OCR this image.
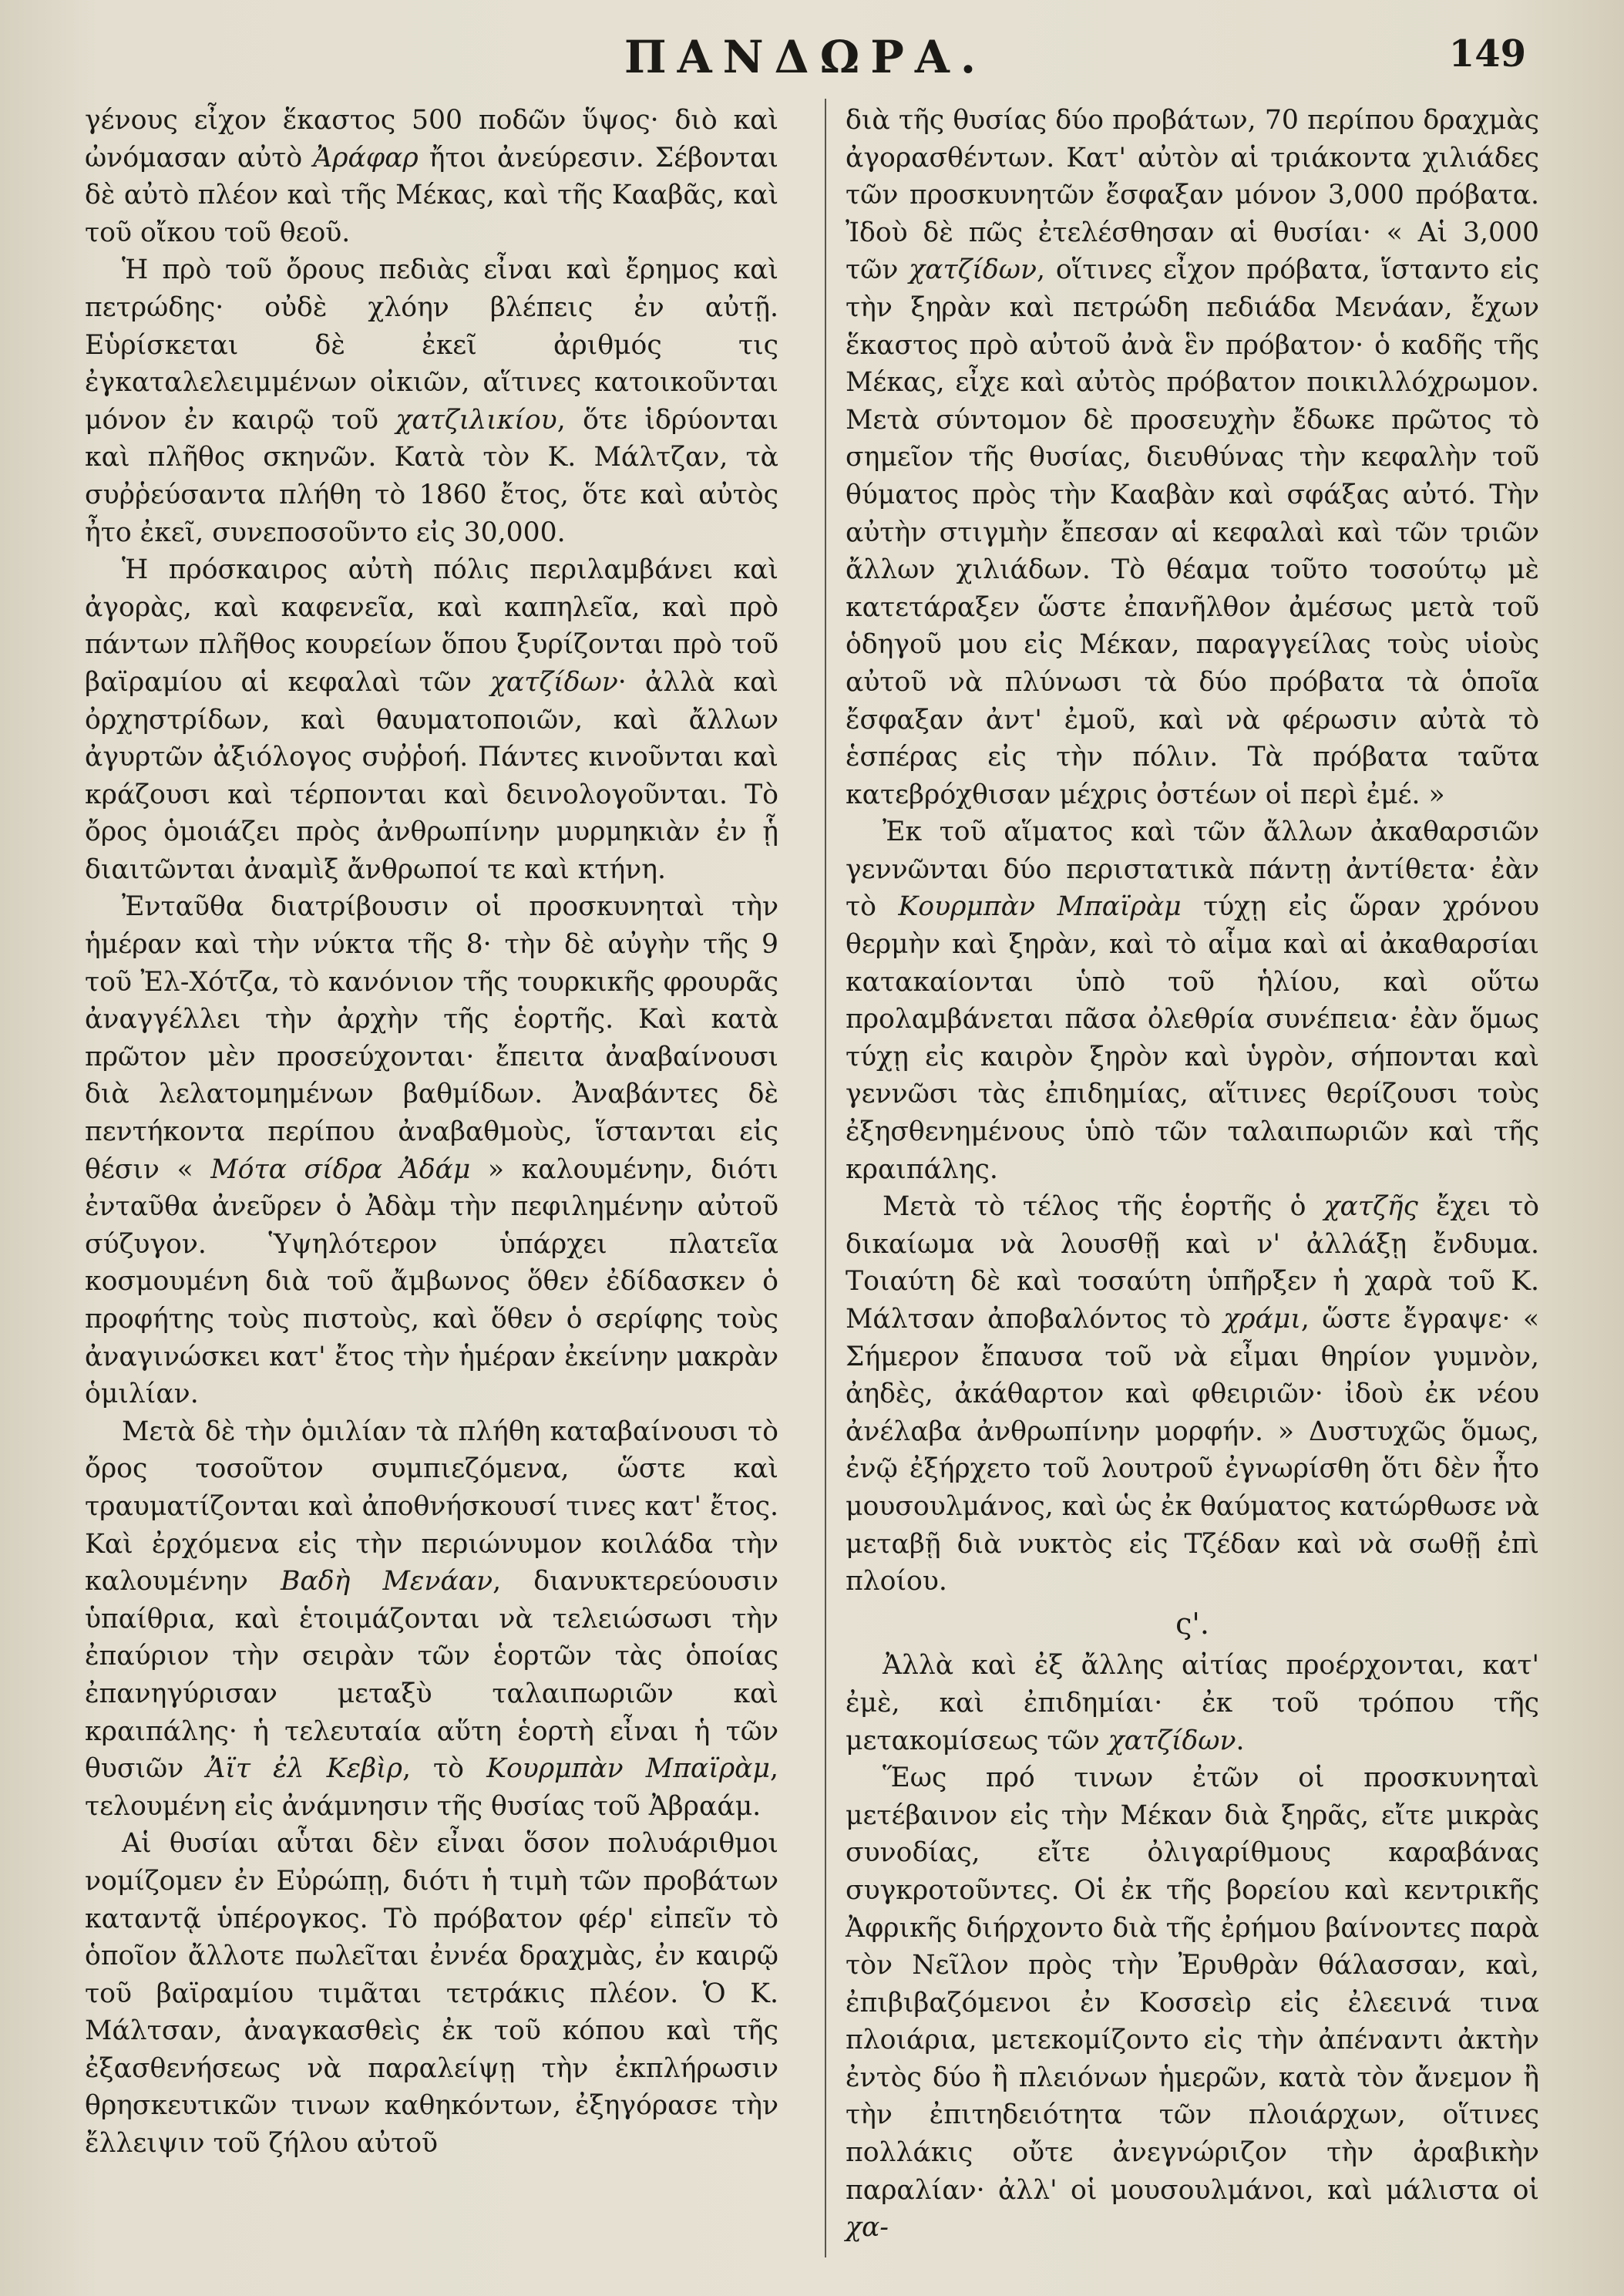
ΠΑΝΔΩΡΑ.	149

γένους εἶχον ἕκαστος 500 ποδῶν ὕψος· διὸ καὶ ὠνόμασαν αὐτὸ Ἀράφαρ ἤτοι ἀνεύρεσιν. Σέβονται δὲ αὐτὸ πλέον καὶ τῆς Μέκας, καὶ τῆς Κααβᾶς, καὶ τοῦ οἴκου τοῦ θεοῦ.

Ἡ πρὸ τοῦ ὄρους πεδιὰς εἶναι καὶ ἔρημος καὶ πετρώδης· οὐδὲ χλόην βλέπεις ἐν αὐτῇ. Εὑρίσκεται δὲ ἐκεῖ ἀριθμός τις ἐγκαταλελειμμένων οἰκιῶν, αἵτινες κατοικοῦνται μόνον ἐν καιρῷ τοῦ χατζιλικίου, ὅτε ἱδρύονται καὶ πλῆθος σκηνῶν. Κατὰ τὸν Κ. Μάλτζαν, τὰ συῤῥεύσαντα πλήθη τὸ 1860 ἔτος, ὅτε καὶ αὐτὸς ἦτο ἐκεῖ, συνεποσοῦντο εἰς 30,000.

Ἡ πρόσκαιρος αὐτὴ πόλις περιλαμβάνει καὶ ἀγορὰς, καὶ καφενεῖα, καὶ καπηλεῖα, καὶ πρὸ πάντων πλῆθος κουρείων ὅπου ξυρίζονται πρὸ τοῦ βαϊραμίου αἱ κεφαλαὶ τῶν χατζίδων· ἀλλὰ καὶ ὀρχηστρίδων, καὶ θαυματοποιῶν, καὶ ἄλλων ἀγυρτῶν ἀξιόλογος συῤῥοή. Πάντες κινοῦνται καὶ κράζουσι καὶ τέρπονται καὶ δεινολογοῦνται. Τὸ ὄρος ὁμοιάζει πρὸς ἀνθρωπίνην μυρμηκιὰν ἐν ᾗ διαιτῶνται ἀναμὶξ ἄνθρωποί τε καὶ κτήνη.

Ἐνταῦθα διατρίβουσιν οἱ προσκυνηταὶ τὴν ἡμέραν καὶ τὴν νύκτα τῆς 8· τὴν δὲ αὐγὴν τῆς 9 τοῦ Ἐλ-Χότζα, τὸ κανόνιον τῆς τουρκικῆς φρουρᾶς ἀναγγέλλει τὴν ἀρχὴν τῆς ἑορτῆς. Καὶ κατὰ πρῶτον μὲν προσεύχονται· ἔπειτα ἀναβαίνουσι διὰ λελατομημένων βαθμίδων. Ἀναβάντες δὲ πεντήκοντα περίπου ἀναβαθμοὺς, ἵστανται εἰς θέσιν « Μότα σίδρα Ἀδάμ » καλουμένην, διότι ἐνταῦθα ἀνεῦρεν ὁ Ἀδὰμ τὴν πεφιλημένην αὐτοῦ σύζυγον. Ὑψηλότερον ὑπάρχει πλατεῖα κοσμουμένη διὰ τοῦ ἄμβωνος ὅθεν ἐδίδασκεν ὁ προφήτης τοὺς πιστοὺς, καὶ ὅθεν ὁ σερίφης τοὺς ἀναγινώσκει κατ' ἔτος τὴν ἡμέραν ἐκείνην μακρὰν ὁμιλίαν.

Μετὰ δὲ τὴν ὁμιλίαν τὰ πλήθη καταβαίνουσι τὸ ὄρος τοσοῦτον συμπιεζόμενα, ὥστε καὶ τραυματίζονται καὶ ἀποθνήσκουσί τινες κατ' ἔτος. Καὶ ἐρχόμενα εἰς τὴν περιώνυμον κοιλάδα τὴν καλουμένην Βαδὴ Μενάαν, διανυκτερεύουσιν ὑπαίθρια, καὶ ἑτοιμάζονται νὰ τελειώσωσι τὴν ἐπαύριον τὴν σειρὰν τῶν ἑορτῶν τὰς ὁποίας ἐπανηγύρισαν μεταξὺ ταλαιπωριῶν καὶ κραιπάλης· ἡ τελευταία αὕτη ἑορτὴ εἶναι ἡ τῶν θυσιῶν Ἀϊτ ἐλ Κεβὶρ, τὸ Κουρμπὰν Μπαϊρὰμ, τελουμένη εἰς ἀνάμνησιν τῆς θυσίας τοῦ Ἀβραάμ.

Αἱ θυσίαι αὗται δὲν εἶναι ὅσον πολυάριθμοι νομίζομεν ἐν Εὐρώπῃ, διότι ἡ τιμὴ τῶν προβάτων καταντᾷ ὑπέρογκος. Τὸ πρόβατον φέρ' εἰπεῖν τὸ ὁποῖον ἄλλοτε πωλεῖται ἐννέα δραχμὰς, ἐν καιρῷ τοῦ βαϊραμίου τιμᾶται τετράκις πλέον. Ὁ Κ. Μάλτσαν, ἀναγκασθεὶς ἐκ τοῦ κόπου καὶ τῆς ἐξασθενήσεως νὰ παραλείψῃ τὴν ἐκπλήρωσιν θρησκευτικῶν τινων καθηκόντων, ἐξηγόρασε τὴν ἔλλειψιν τοῦ ζήλου αὐτοῦ

διὰ τῆς θυσίας δύο προβάτων, 70 περίπου δραχμὰς ἀγορασθέντων. Κατ' αὐτὸν αἱ τριάκοντα χιλιάδες τῶν προσκυνητῶν ἔσφαξαν μόνον 3,000 πρόβατα. Ἰδοὺ δὲ πῶς ἐτελέσθησαν αἱ θυσίαι· « Αἱ 3,000 τῶν χατζίδων, οἵτινες εἶχον πρόβατα, ἵσταντο εἰς τὴν ξηρὰν καὶ πετρώδη πεδιάδα Μενάαν, ἔχων ἕκαστος πρὸ αὐτοῦ ἀνὰ ἓν πρόβατον· ὁ καδῆς τῆς Μέκας, εἶχε καὶ αὐτὸς πρόβατον ποικιλλόχρωμον. Μετὰ σύντομον δὲ προσευχὴν ἔδωκε πρῶτος τὸ σημεῖον τῆς θυσίας, διευθύνας τὴν κεφαλὴν τοῦ θύματος πρὸς τὴν Κααβὰν καὶ σφάξας αὐτό. Τὴν αὐτὴν στιγμὴν ἔπεσαν αἱ κεφαλαὶ καὶ τῶν τριῶν ἄλλων χιλιάδων. Τὸ θέαμα τοῦτο τοσούτῳ μὲ κατετάραξεν ὥστε ἐπανῆλθον ἀμέσως μετὰ τοῦ ὁδηγοῦ μου εἰς Μέκαν, παραγγείλας τοὺς υἱοὺς αὐτοῦ νὰ πλύνωσι τὰ δύο πρόβατα τὰ ὁποῖα ἔσφαξαν ἀντ' ἐμοῦ, καὶ νὰ φέρωσιν αὐτὰ τὸ ἑσπέρας εἰς τὴν πόλιν. Τὰ πρόβατα ταῦτα κατεβρόχθισαν μέχρις ὀστέων οἱ περὶ ἐμέ. »

Ἐκ τοῦ αἵματος καὶ τῶν ἄλλων ἀκαθαρσιῶν γεννῶνται δύο περιστατικὰ πάντῃ ἀντίθετα· ἐὰν τὸ Κουρμπὰν Μπαϊρὰμ τύχῃ εἰς ὥραν χρόνου θερμὴν καὶ ξηρὰν, καὶ τὸ αἷμα καὶ αἱ ἀκαθαρσίαι κατακαίονται ὑπὸ τοῦ ἡλίου, καὶ οὕτω προλαμβάνεται πᾶσα ὀλεθρία συνέπεια· ἐὰν ὅμως τύχῃ εἰς καιρὸν ξηρὸν καὶ ὑγρὸν, σήπονται καὶ γεννῶσι τὰς ἐπιδημίας, αἵτινες θερίζουσι τοὺς ἐξησθενημένους ὑπὸ τῶν ταλαιπωριῶν καὶ τῆς κραιπάλης.

Μετὰ τὸ τέλος τῆς ἑορτῆς ὁ χατζῆς ἔχει τὸ δικαίωμα νὰ λουσθῇ καὶ ν' ἀλλάξῃ ἔνδυμα. Τοιαύτη δὲ καὶ τοσαύτη ὑπῆρξεν ἡ χαρὰ τοῦ Κ. Μάλτσαν ἀποβαλόντος τὸ χράμι, ὥστε ἔγραψε· « Σήμερον ἔπαυσα τοῦ νὰ εἶμαι θηρίον γυμνὸν, ἀηδὲς, ἀκάθαρτον καὶ φθειριῶν· ἰδοὺ ἐκ νέου ἀνέλαβα ἀνθρωπίνην μορφήν. » Δυστυχῶς ὅμως, ἐνῷ ἐξήρχετο τοῦ λουτροῦ ἐγνωρίσθη ὅτι δὲν ἦτο μουσουλμάνος, καὶ ὡς ἐκ θαύματος κατώρθωσε νὰ μεταβῇ διὰ νυκτὸς εἰς Τζέδαν καὶ νὰ σωθῇ ἐπὶ πλοίου.

ς'.

Ἀλλὰ καὶ ἐξ ἄλλης αἰτίας προέρχονται, κατ' ἐμὲ, καὶ ἐπιδημίαι· ἐκ τοῦ τρόπου τῆς μετακομίσεως τῶν χατζίδων.

Ἕως πρό τινων ἐτῶν οἱ προσκυνηταὶ μετέβαινον εἰς τὴν Μέκαν διὰ ξηρᾶς, εἴτε μικρὰς συνοδίας, εἴτε ὀλιγαρίθμους καραβάνας συγκροτοῦντες. Οἱ ἐκ τῆς βορείου καὶ κεντρικῆς Ἀφρικῆς διήρχοντο διὰ τῆς ἐρήμου βαίνοντες παρὰ τὸν Νεῖλον πρὸς τὴν Ἐρυθρὰν θάλασσαν, καὶ, ἐπιβιβαζόμενοι ἐν Κοσσεὶρ εἰς ἐλεεινά τινα πλοιάρια, μετεκομίζοντο εἰς τὴν ἀπέναντι ἀκτὴν ἐντὸς δύο ἢ πλειόνων ἡμερῶν, κατὰ τὸν ἄνεμον ἢ τὴν ἐπιτηδειότητα τῶν πλοιάρχων, οἵτινες πολλάκις οὔτε ἀνεγνώριζον τὴν ἀραβικὴν παραλίαν· ἀλλ' οἱ μουσουλμάνοι, καὶ μάλιστα οἱ χα-
